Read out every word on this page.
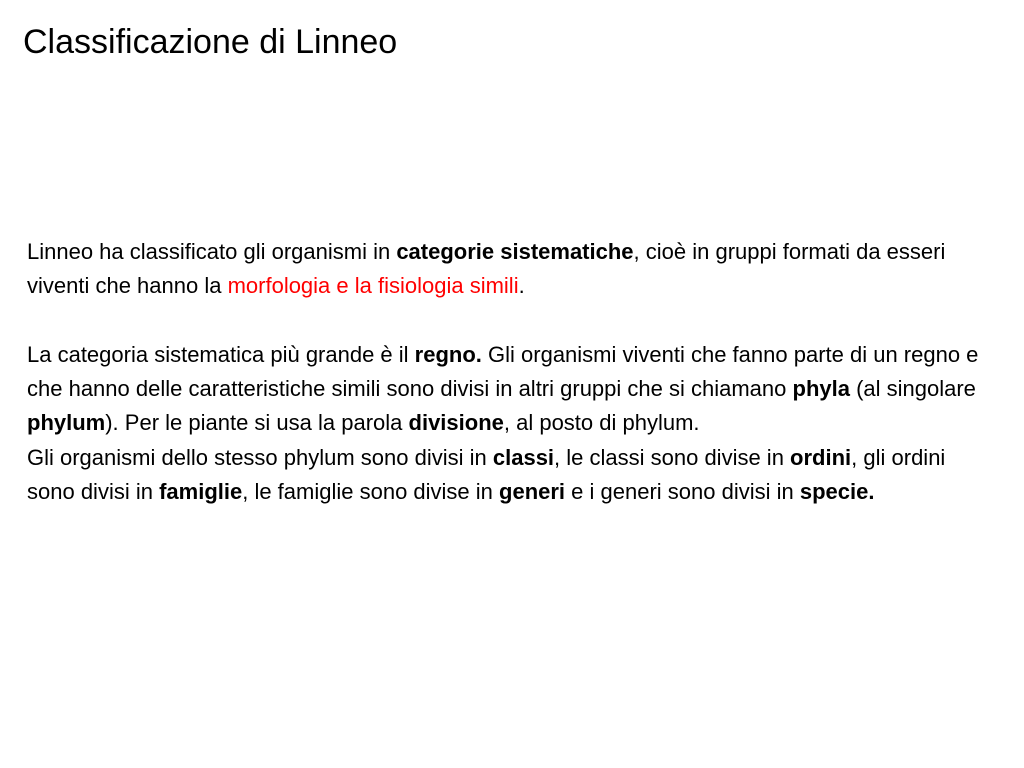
Classificazione di Linneo

Linneo ha classificato gli organismi in categorie sistematiche, cioè in gruppi formati da esseri viventi che hanno la morfologia e la fisiologia simili.

La categoria sistematica più grande è il regno. Gli organismi viventi che fanno parte di un regno e che hanno delle caratteristiche simili sono divisi in altri gruppi che si chiamano phyla (al singolare phylum). Per le piante si usa la parola divisione, al posto di phylum.

Gli organismi dello stesso phylum sono divisi in classi, le classi sono divise in ordini, gli ordini sono divisi in famiglie, le famiglie sono divise in generi e i generi sono divisi in specie.
